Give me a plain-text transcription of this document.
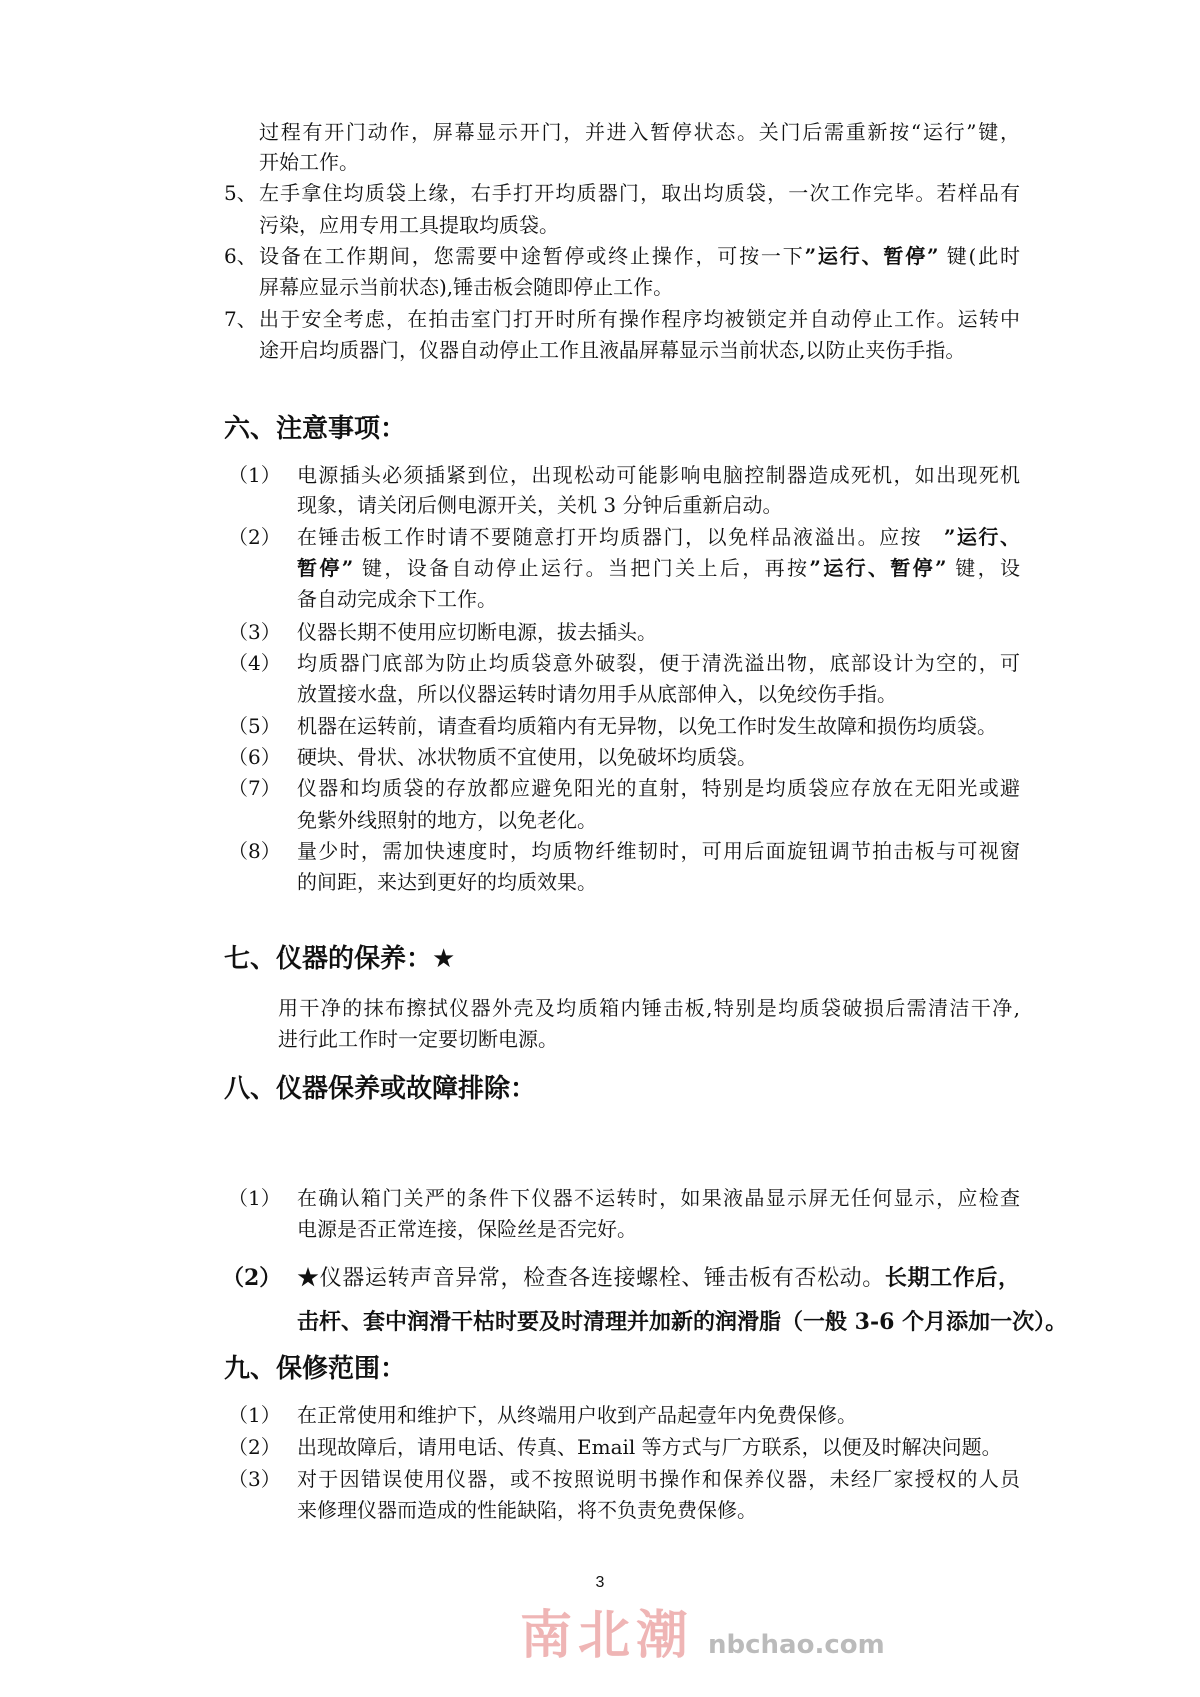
过程有开门动作，屏幕显示开门，并进入暂停状态。关门后需重新按“运行”键，
开始工作。
5、 左手拿住均质袋上缘，右手打开均质器门，取出均质袋，一次工作完毕。若样品有
污染，应用专用工具提取均质袋。
6、 设备在工作期间，您需要中途暂停或终止操作，可按一下”运行、暂停” 键(此时
屏幕应显示当前状态),锤击板会随即停止工作。
7、 出于安全考虑，在拍击室门打开时所有操作程序均被锁定并自动停止工作。运转中
途开启均质器门，仪器自动停止工作且液晶屏幕显示当前状态,以防止夹伤手指。
六、注意事项：
（1） 电源插头必须插紧到位，出现松动可能影响电脑控制器造成死机，如出现死机
现象，请关闭后侧电源开关，关机 3 分钟后重新启动。
（2） 在锤击板工作时请不要随意打开均质器门，以免样品液溢出。应按　”运行、
暂停” 键，设备自动停止运行。当把门关上后，再按”运行、暂停” 键，设
备自动完成余下工作。
（3） 仪器长期不使用应切断电源，拔去插头。
（4） 均质器门底部为防止均质袋意外破裂，便于清洗溢出物，底部设计为空的，可
放置接水盘，所以仪器运转时请勿用手从底部伸入，以免绞伤手指。
（5） 机器在运转前，请查看均质箱内有无异物，以免工作时发生故障和损伤均质袋。
（6） 硬块、骨状、冰状物质不宜使用，以免破坏均质袋。
（7） 仪器和均质袋的存放都应避免阳光的直射，特别是均质袋应存放在无阳光或避
免紫外线照射的地方，以免老化。
（8） 量少时，需加快速度时，均质物纤维韧时，可用后面旋钮调节拍击板与可视窗
的间距，来达到更好的均质效果。
七、仪器的保养：★
用干净的抹布擦拭仪器外壳及均质箱内锤击板,特别是均质袋破损后需清洁干净,
进行此工作时一定要切断电源。
八、仪器保养或故障排除：
（1） 在确认箱门关严的条件下仪器不运转时，如果液晶显示屏无任何显示，应检查
电源是否正常连接，保险丝是否完好。
（2） ★仪器运转声音异常，检查各连接螺栓、锤击板有否松动。长期工作后，
击杆、套中润滑干枯时要及时清理并加新的润滑脂（一般 3-6 个月添加一次）。
九、保修范围：
（1） 在正常使用和维护下，从终端用户收到产品起壹年内免费保修。
（2） 出现故障后，请用电话、传真、Email 等方式与厂方联系，以便及时解决问题。
（3） 对于因错误使用仪器，或不按照说明书操作和保养仪器，未经厂家授权的人员
来修理仪器而造成的性能缺陷，将不负责免费保修。
3
南北潮 nbchao.com
